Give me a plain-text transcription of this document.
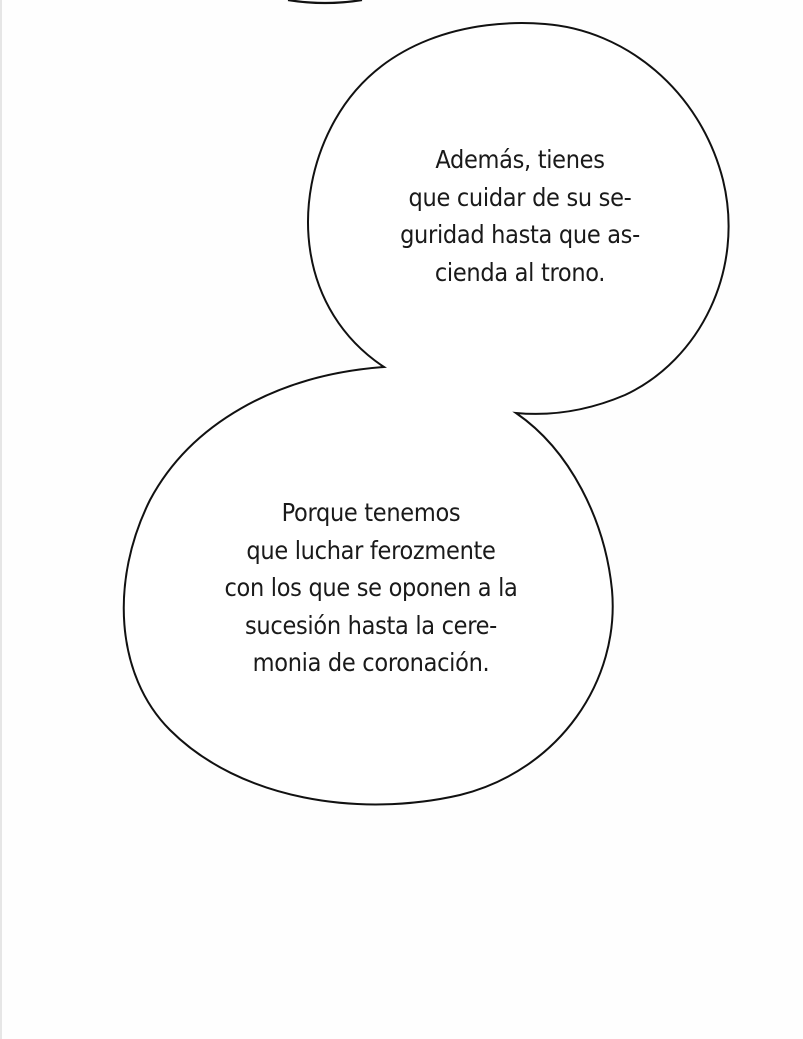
Además, tienes
que cuidar de su se-
guridad hasta que as-
cienda al trono.
Porque tenemos
que luchar ferozmente
con los que se oponen a la
sucesión hasta la cere-
monia de coronación.
